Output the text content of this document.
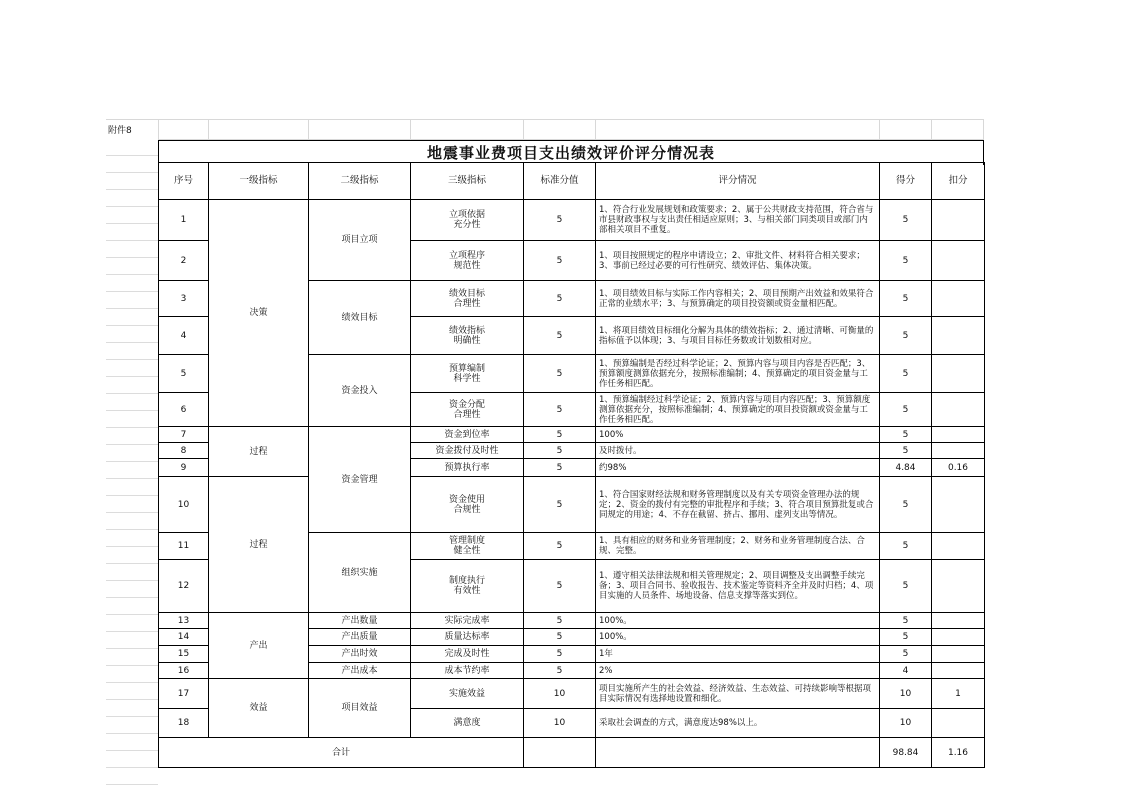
附件8
地震事业费项目支出绩效评价评分情况表
序号	一级指标	二级指标	三级指标	标准分值	评分情况	得分	扣分
1	决策	项目立项	立项依据
充分性	5	1、符合行业发展规划和政策要求；2、属于公共财政支持范围，符合省与市县财政事权与支出责任相适应原则；3、与相关部门同类项目或部门内部相关项目不重复。	5	
2			立项程序
规范性	5	1、项目按照规定的程序申请设立；2、审批文件、材料符合相关要求；3、事前已经过必要的可行性研究、绩效评估、集体决策。	5	
3		绩效目标	绩效目标
合理性	5	1、项目绩效目标与实际工作内容相关；2、项目预期产出效益和效果符合正常的业绩水平；3、与预算确定的项目投资额或资金量相匹配。	5	
4			绩效指标
明确性	5	1、将项目绩效目标细化分解为具体的绩效指标；2、通过清晰、可衡量的指标值予以体现；3、与项目目标任务数或计划数相对应。	5	
5		资金投入	预算编制
科学性	5	1、预算编制是否经过科学论证；2、预算内容与项目内容是否匹配；3、预算额度测算依据充分，按照标准编制；4、预算确定的项目资金量与工作任务相匹配。	5	
6			资金分配
合理性	5	1、预算编制经过科学论证；2、预算内容与项目内容匹配；3、预算额度测算依据充分，按照标准编制；4、预算确定的项目投资额或资金量与工作任务相匹配。	5	
7	过程	资金管理	资金到位率	5	100%	5	
8			资金拨付及时性	5	及时拨付。	5	
9			预算执行率	5	约98%	4.84	0.16
10	过程		资金使用
合规性	5	1、符合国家财经法规和财务管理制度以及有关专项资金管理办法的规定；2、资金的拨付有完整的审批程序和手续；3、符合项目预算批复或合同规定的用途；4、不存在截留、挤占、挪用、虚列支出等情况。	5	
11		组织实施	管理制度
健全性	5	1、具有相应的财务和业务管理制度；2、财务和业务管理制度合法、合规、完整。	5	
12			制度执行
有效性	5	1、遵守相关法律法规和相关管理规定；2、项目调整及支出调整手续完备；3、项目合同书、验收报告、技术鉴定等资料齐全并及时归档；4、项目实施的人员条件、场地设备、信息支撑等落实到位。	5	
13	产出	产出数量	实际完成率	5	100%。	5	
14		产出质量	质量达标率	5	100%。	5	
15		产出时效	完成及时性	5	1年	5	
16		产出成本	成本节约率	5	2%	4	
17	效益	项目效益	实施效益	10	项目实施所产生的社会效益、经济效益、生态效益、可持续影响等根据项目实际情况有选择地设置和细化。	10	1
18			满意度	10	采取社会调查的方式，满意度达98%以上。	10	
合计						98.84	1.16
